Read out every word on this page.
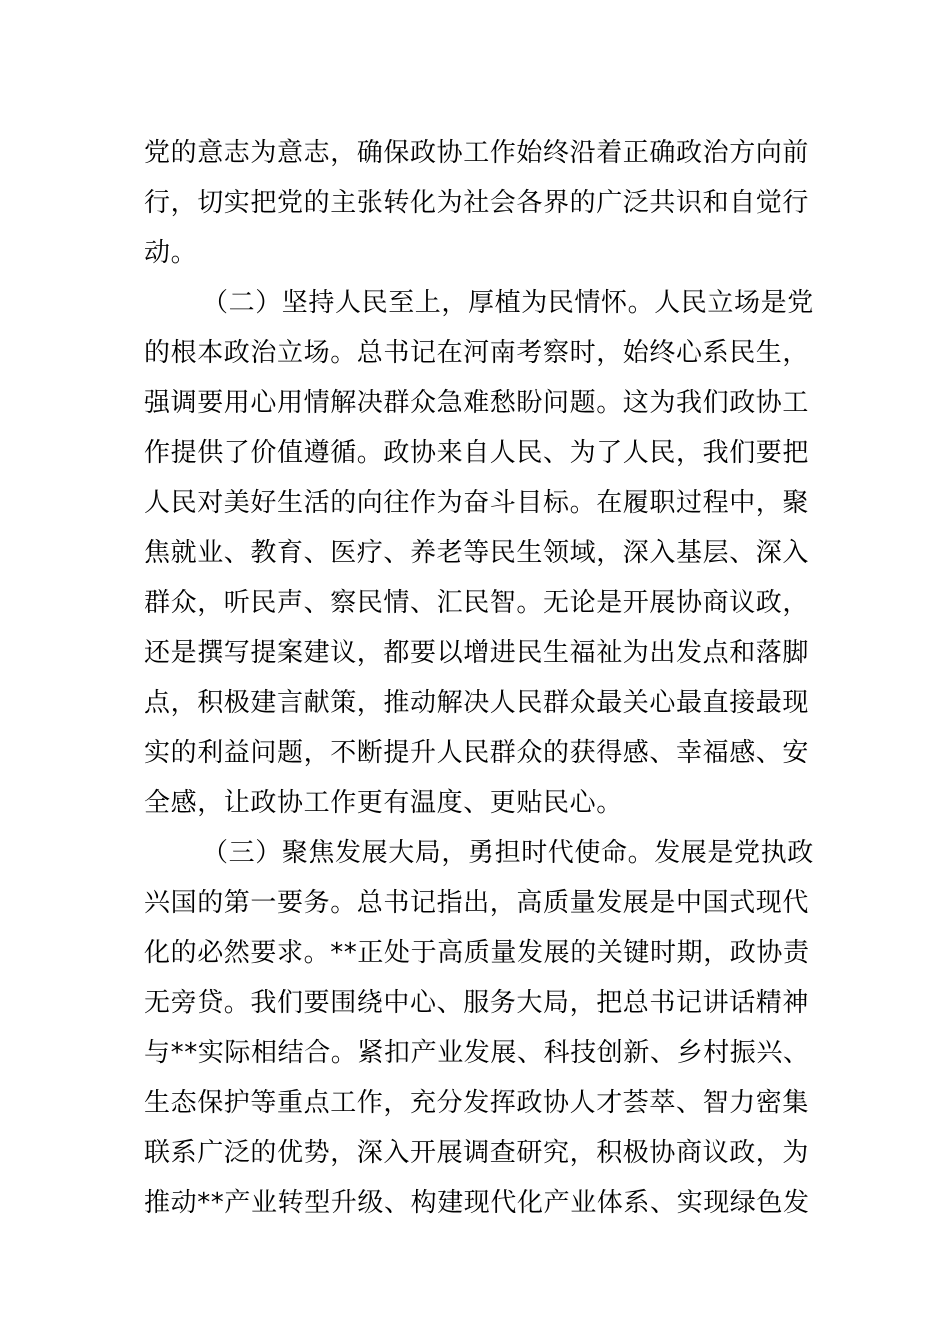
党的意志为意志，确保政协工作始终沿着正确政治方向前
行，切实把党的主张转化为社会各界的广泛共识和自觉行
动。
（二）坚持人民至上，厚植为民情怀。人民立场是党
的根本政治立场。总书记在河南考察时，始终心系民生，
强调要用心用情解决群众急难愁盼问题。这为我们政协工
作提供了价值遵循。政协来自人民、为了人民，我们要把
人民对美好生活的向往作为奋斗目标。在履职过程中，聚
焦就业、教育、医疗、养老等民生领域，深入基层、深入
群众，听民声、察民情、汇民智。无论是开展协商议政，
还是撰写提案建议，都要以增进民生福祉为出发点和落脚
点，积极建言献策，推动解决人民群众最关心最直接最现
实的利益问题，不断提升人民群众的获得感、幸福感、安
全感，让政协工作更有温度、更贴民心。
（三）聚焦发展大局，勇担时代使命。发展是党执政
兴国的第一要务。总书记指出，高质量发展是中国式现代
化的必然要求。**正处于高质量发展的关键时期，政协责
无旁贷。我们要围绕中心、服务大局，把总书记讲话精神
与**实际相结合。紧扣产业发展、科技创新、乡村振兴、
生态保护等重点工作，充分发挥政协人才荟萃、智力密集
联系广泛的优势，深入开展调查研究，积极协商议政，为
推动**产业转型升级、构建现代化产业体系、实现绿色发
